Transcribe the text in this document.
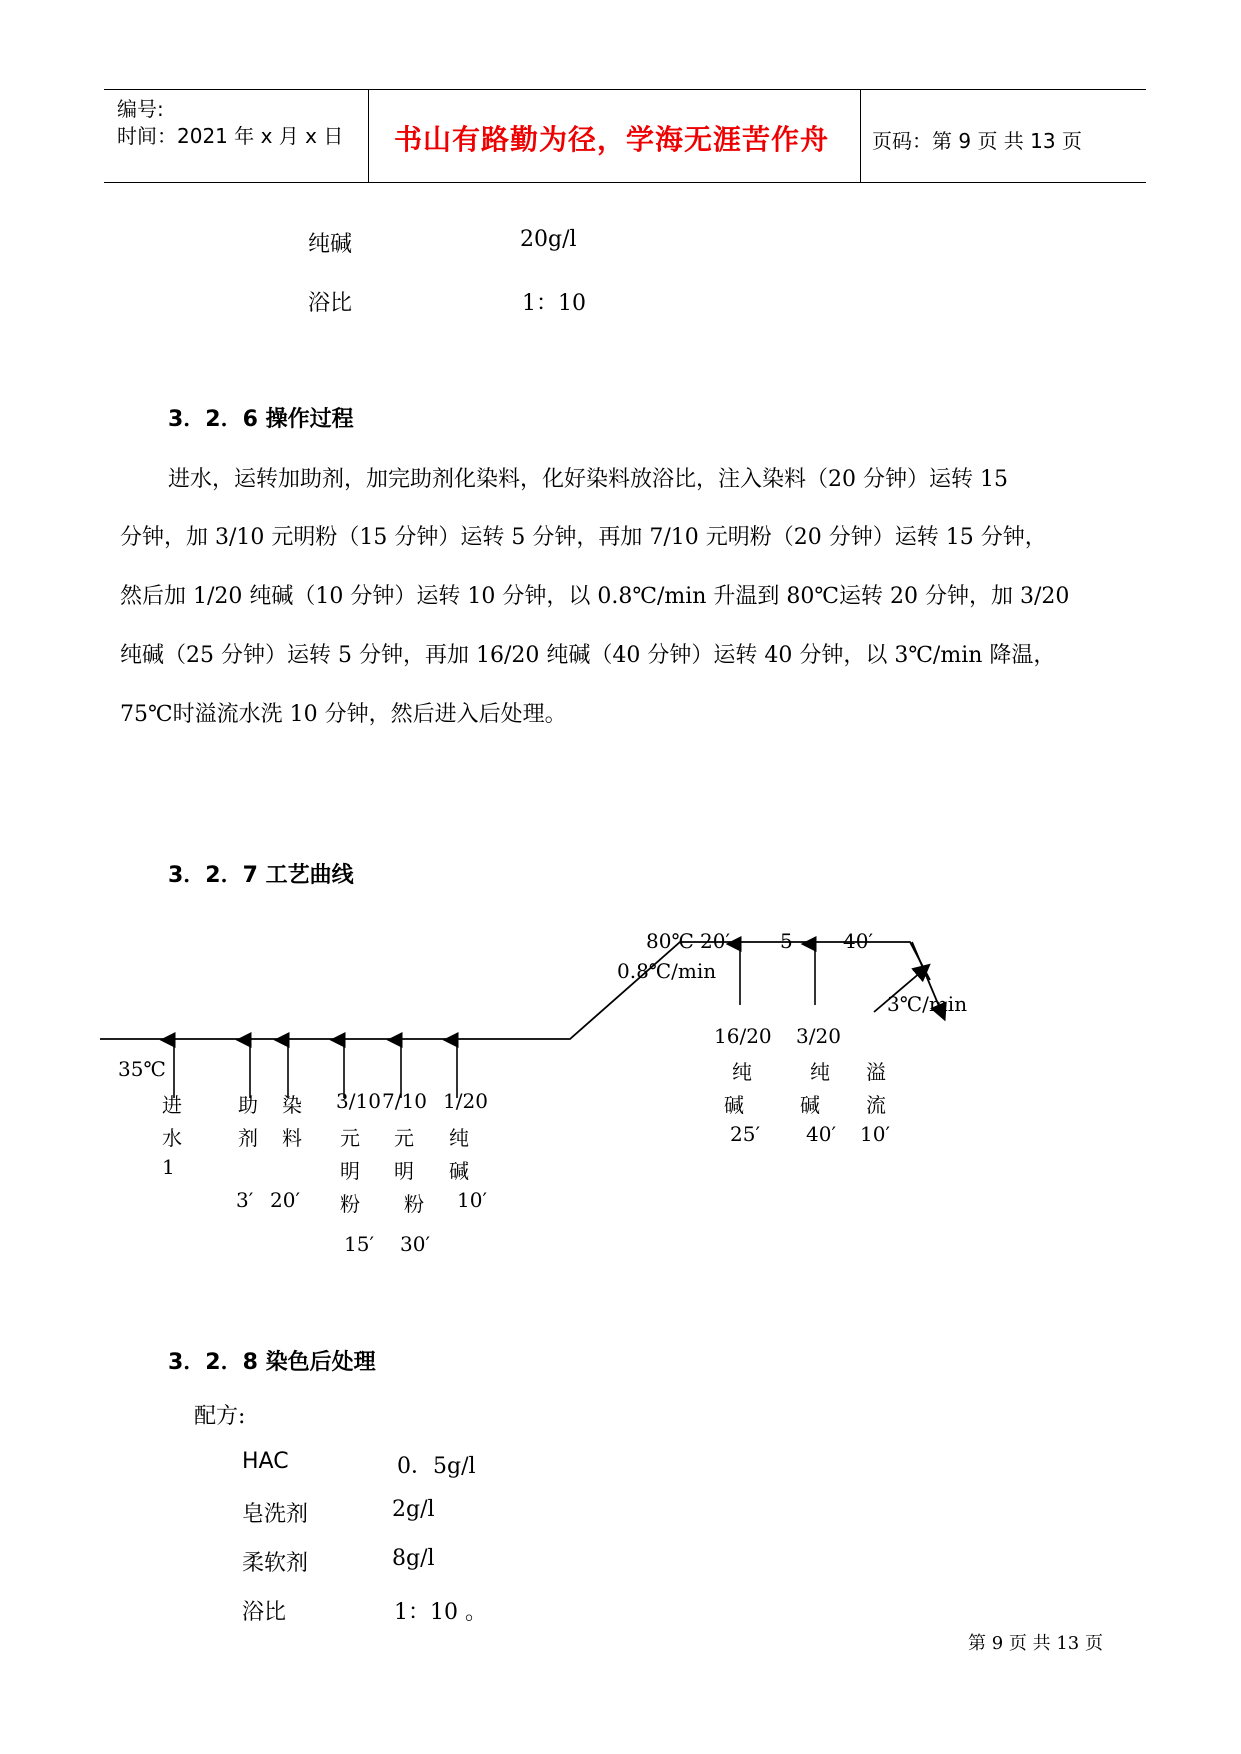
编号:
时间：2021 年 x 月 x 日 书山有路勤为径，学海无涯苦作舟 页码：第 9 页 共 13 页
纯碱	20g/l
浴比	1：10
3．2．6 操作过程
进水，运转加助剂，加完助剂化染料，化好染料放浴比，注入染料（20 分钟）运转 15
分钟，加 3/10 元明粉（15 分钟）运转 5 分钟，再加 7/10 元明粉（20 分钟）运转 15 分钟，
然后加 1/20 纯碱（10 分钟）运转 10 分钟，以 0.8℃/min 升温到 80℃运转 20 分钟，加 3/20
纯碱（25 分钟）运转 5 分钟，再加 16/20 纯碱（40 分钟）运转 40 分钟，以 3℃/min 降温，
75℃时溢流水洗 10 分钟，然后进入后处理。
3．2．7 工艺曲线
80℃ 20′	5	40′
0.8℃/min
3℃/min
35℃
进
水
1
助
剂
3′
染
料
20′
3/10
元
明
粉
15′
7/10
元
明
粉
30′
1/20
纯
碱
10′
16/20
纯
碱
25′
3/20
纯
碱
40′
溢
流
10′
3．2．8 染色后处理
配方:
HAC	0．5g/l
皂洗剂	2g/l
柔软剂	8g/l
浴比	1：10 。
第 9 页 共 13 页
